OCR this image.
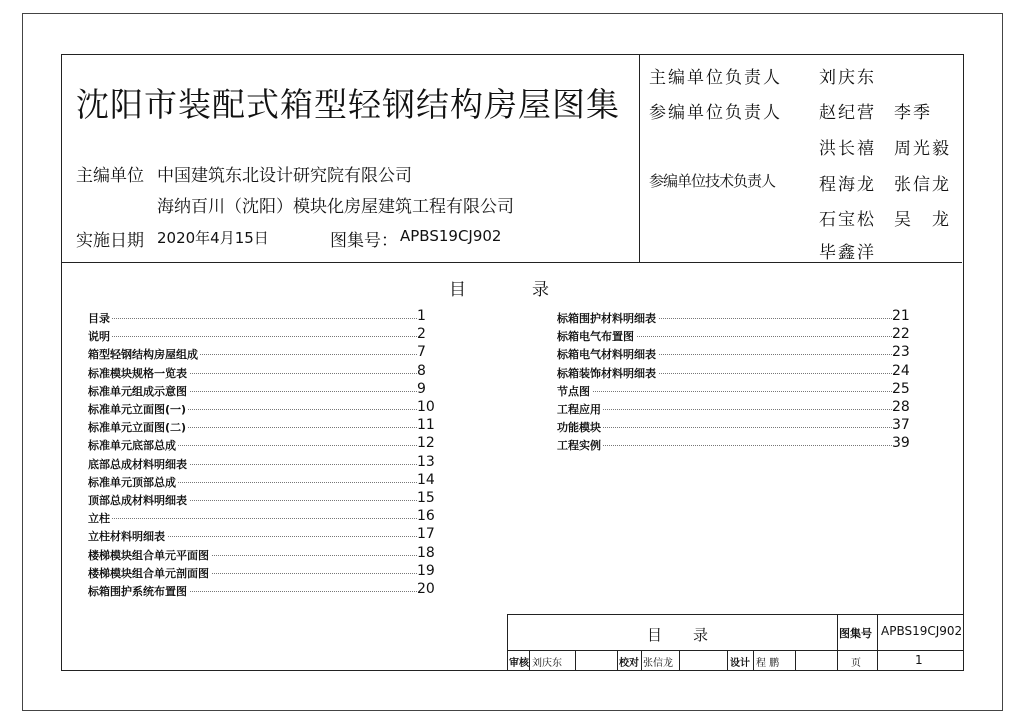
沈阳市装配式箱型轻钢结构房屋图集
主编单位 中国建筑东北设计研究院有限公司
海纳百川（沈阳）模块化房屋建筑工程有限公司
实施日期 2020年4月15日	图集号： APBS19CJ902
主编单位负责人 刘庆东
参编单位负责人 赵纪营 李季
洪长禧 周光毅
参编单位技术负责人	程海龙 张信龙
石宝松 吴　龙
毕鑫洋
目	录
目录	1
说明	2
箱型轻钢结构房屋组成	7
标准模块规格一览表	8
标准单元组成示意图	9
标准单元立面图(一)	10
标准单元立面图(二)	11
标准单元底部总成	12
底部总成材料明细表	13
标准单元顶部总成	14
顶部总成材料明细表	15
立柱	16
立柱材料明细表	17
楼梯模块组合单元平面图	18
楼梯模块组合单元剖面图	19
标箱围护系统布置图	20
标箱围护材料明细表	21
标箱电气布置图	22
标箱电气材料明细表	23
标箱装饰材料明细表	24
节点图	25
工程应用	28
功能模块	37
工程实例	39
目 录	图集号 APBS19CJ902
审核 刘庆东	校对 张信龙	设计 程 鹏	页	1
